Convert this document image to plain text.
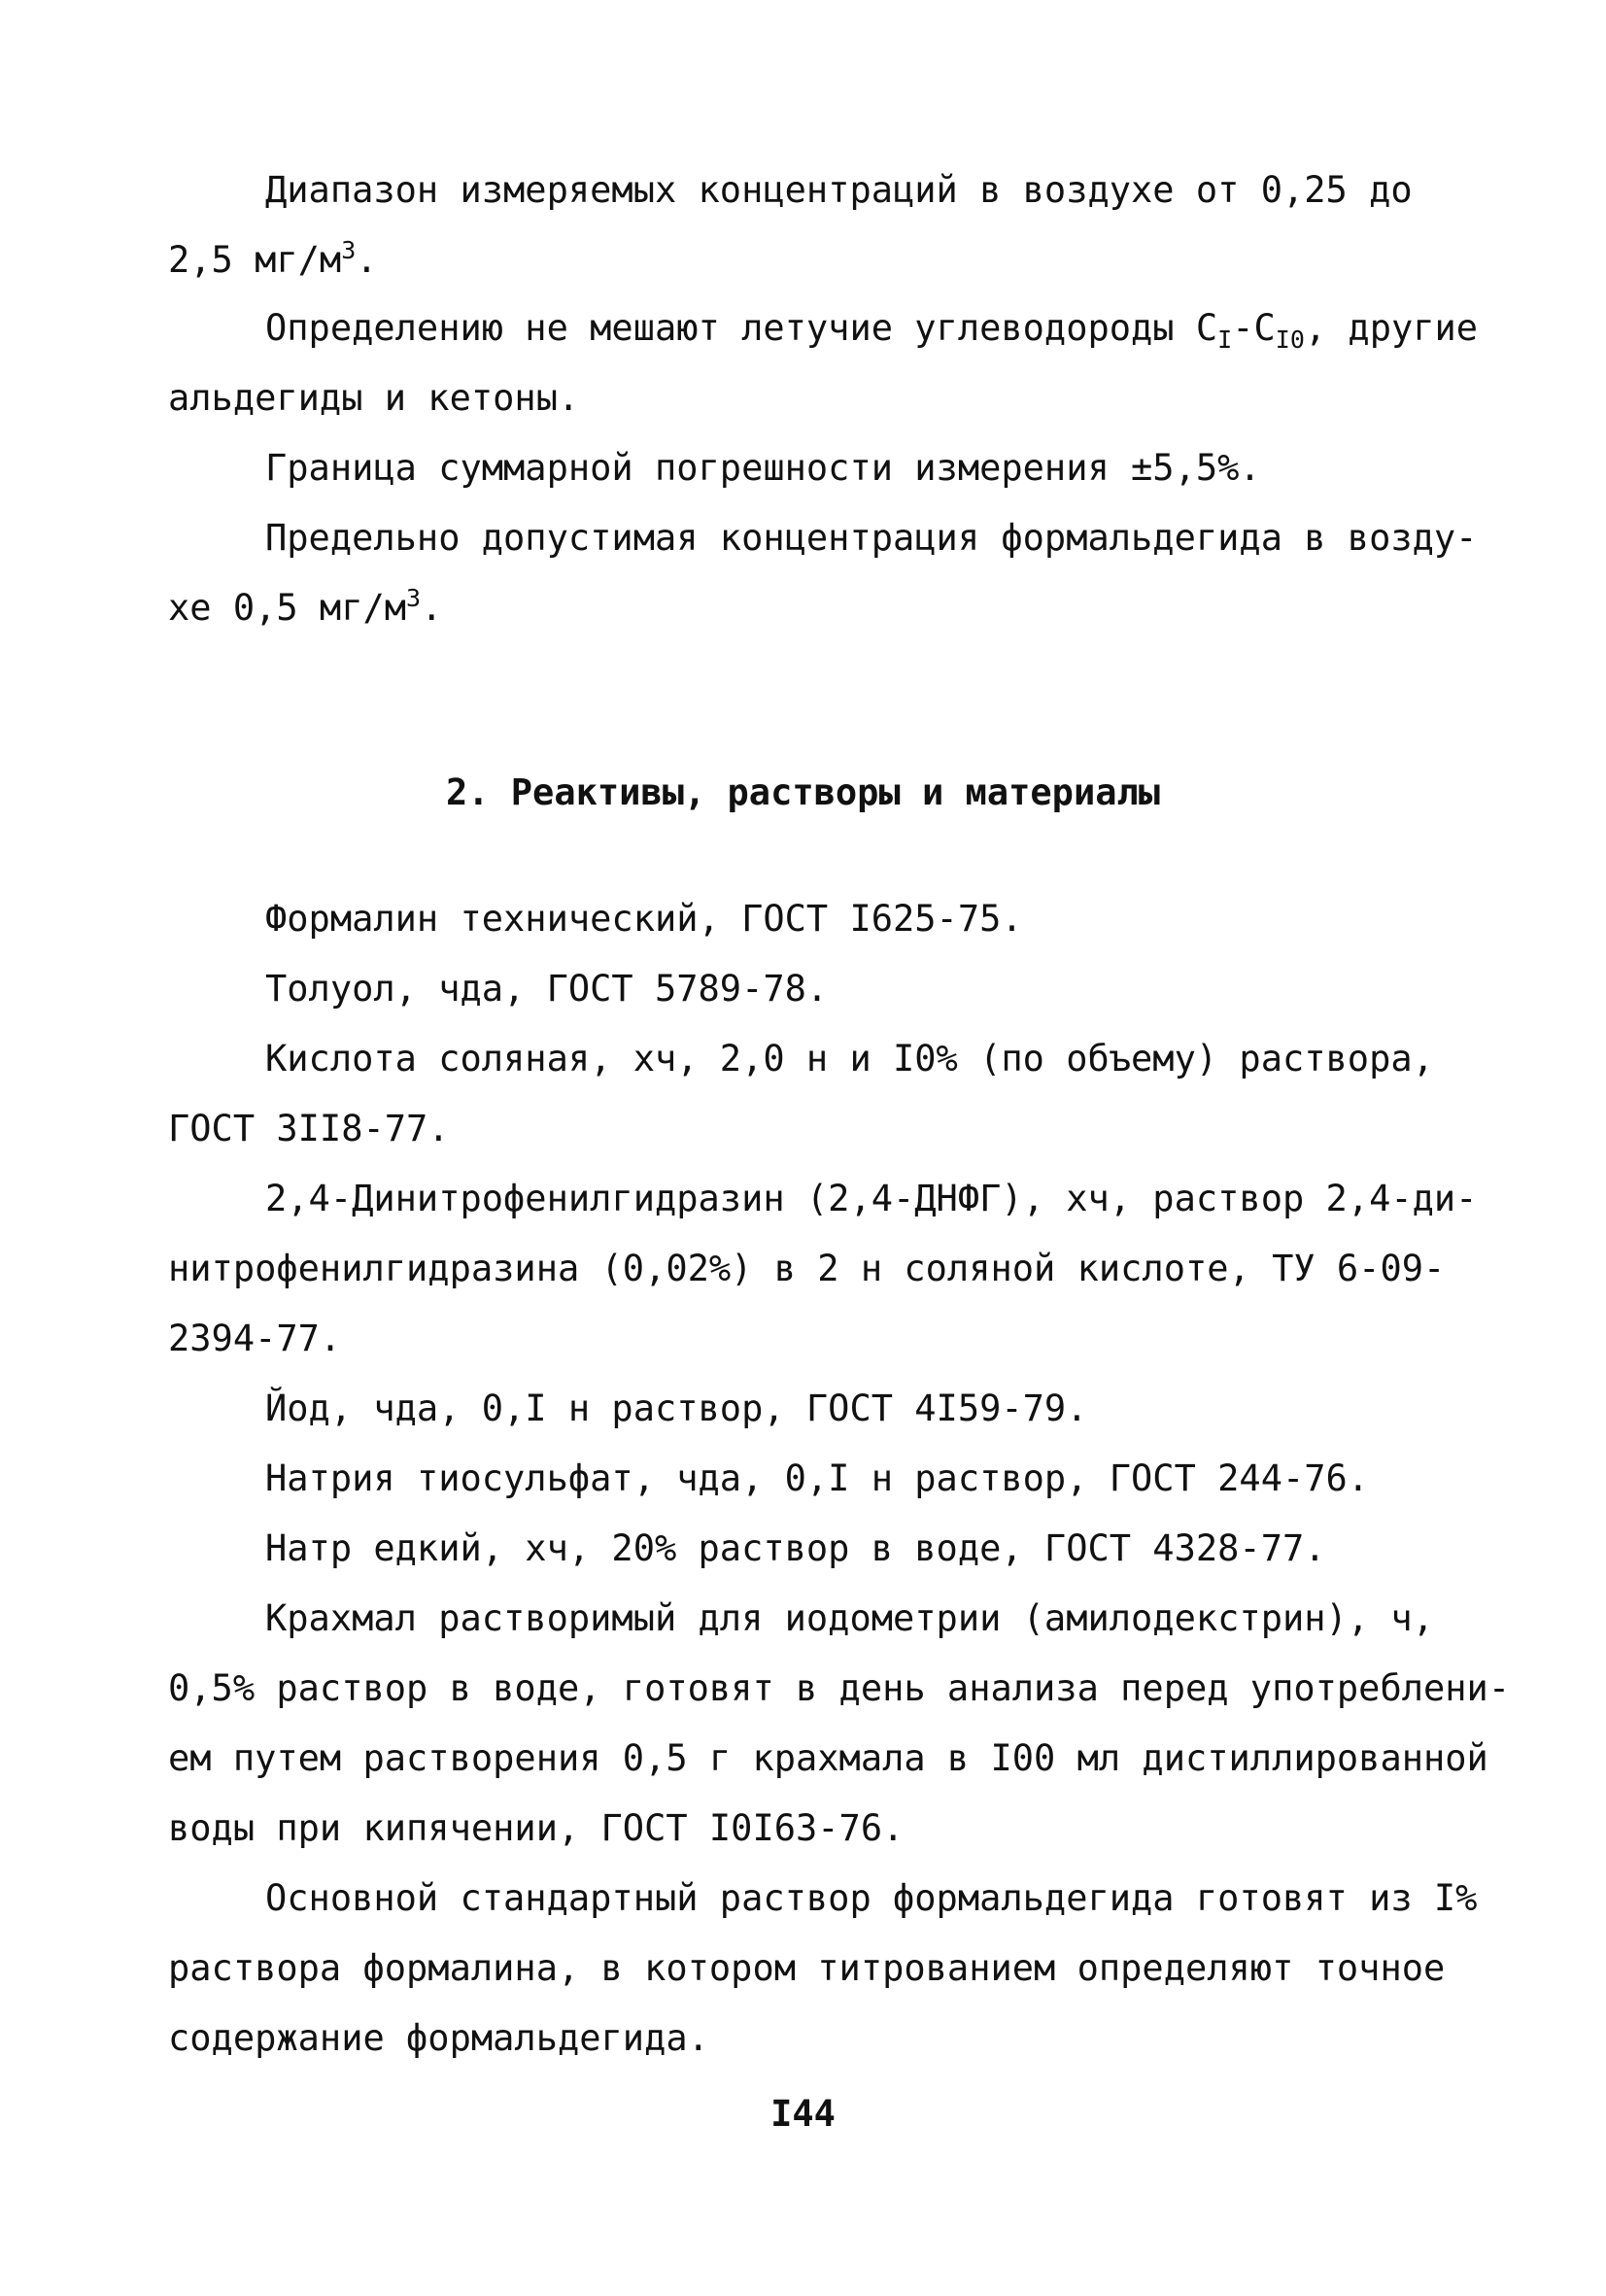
Диапазон измеряемых концентраций в воздухе от 0,25 до
2,5 $мг/м^3$.
Определению не мешают летучие углеводороды $C_I-C_{I0}$, другие
альдегиды и кетоны.
Граница суммарной погрешности измерения ±5,5%.
Предельно допустимая концентрация формальдегида в возду-
хе 0,5 $мг/м^3$.
2. Реактивы, растворы и материалы
Формалин технический, ГОСТ I625-75.
Толуол, чда, ГОСТ 5789-78.
Кислота соляная, хч, 2,0 н и I0% (по объему) раствора,
ГОСТ 3II8-77.
2,4-Динитрофенилгидразин (2,4-ДНФГ), хч, раствор 2,4-ди-
нитрофенилгидразина (0,02%) в 2 н соляной кислоте, ТУ 6-09-
2394-77.
Йод, чда, 0,I н раствор, ГОСТ 4I59-79.
Натрия тиосульфат, чда, 0,I н раствор, ГОСТ 244-76.
Натр едкий, хч, 20% раствор в воде, ГОСТ 4328-77.
Крахмал растворимый для иодометрии (амилодекстрин), ч,
0,5% раствор в воде, готовят в день анализа перед употреблени-
ем путем растворения 0,5 г крахмала в I00 мл дистиллированной
воды при кипячении, ГОСТ I0I63-76.
Основной стандартный раствор формальдегида готовят из I%
раствора формалина, в котором титрованием определяют точное
содержание формальдегида.
I44
